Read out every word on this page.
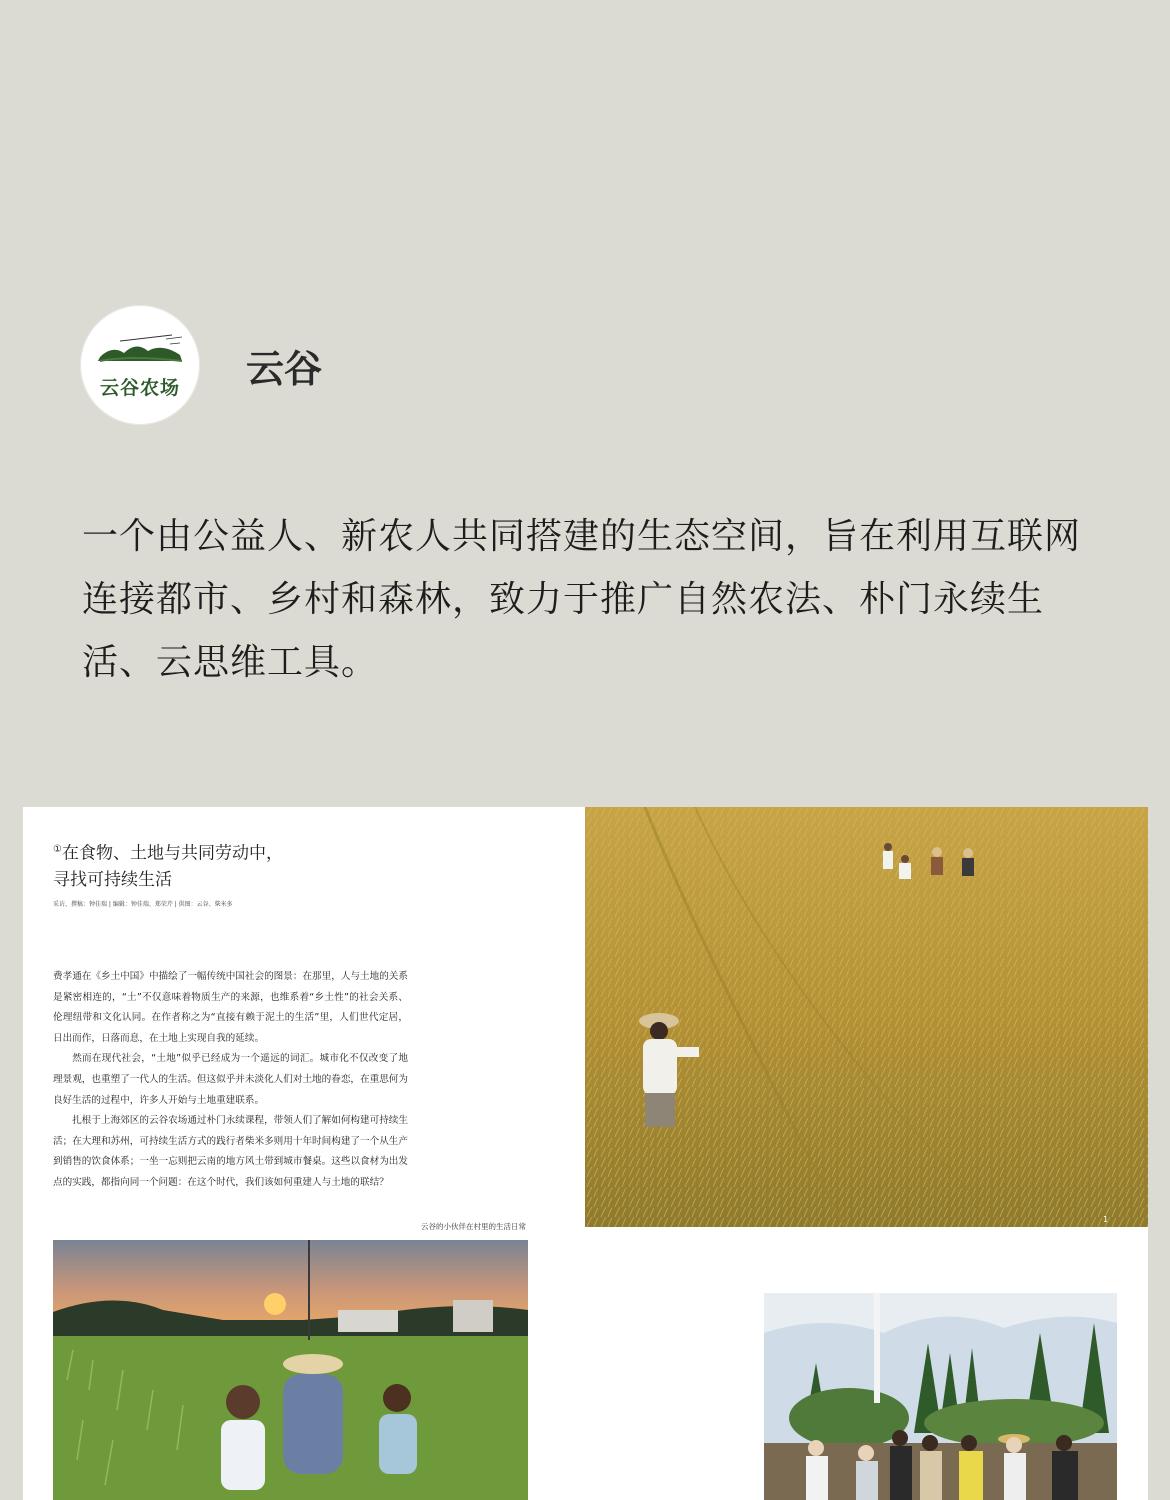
云谷农场 云谷
一个由公益人、新农人共同搭建的生态空间，旨在利用互联网连接都市、乡村和森林，致力于推广自然农法、朴门永续生活、云思维工具。
①在食物、土地与共同劳动中，
寻找可持续生活
采访、撰稿：钟佳瑞 | 编辑：钟佳瑞、郑荣芹 | 供图：云谷、柴米多

费孝通在《乡土中国》中描绘了一幅传统中国社会的图景：在那里，人与土地的关系是紧密相连的，“土”不仅意味着物质生产的来源，也维系着“乡土性”的社会关系、伦理纽带和文化认同。在作者称之为“直接有赖于泥土的生活”里，人们世代定居，日出而作，日落而息，在土地上实现自我的延续。

然而在现代社会，“土地”似乎已经成为一个遥远的词汇。城市化不仅改变了地理景观，也重塑了一代人的生活。但这似乎并未淡化人们对土地的眷恋，在重思何为良好生活的过程中，许多人开始与土地重建联系。

扎根于上海郊区的云谷农场通过朴门永续课程，带领人们了解如何构建可持续生活；在大理和苏州，可持续生活方式的践行者柴米多则用十年时间构建了一个从生产到销售的饮食体系；一坐一忘则把云南的地方风土带到城市餐桌。这些以食材为出发点的实践，都指向同一个问题：在这个时代，我们该如何重建人与土地的联结？

云谷的小伙伴在村里的生活日常
1
